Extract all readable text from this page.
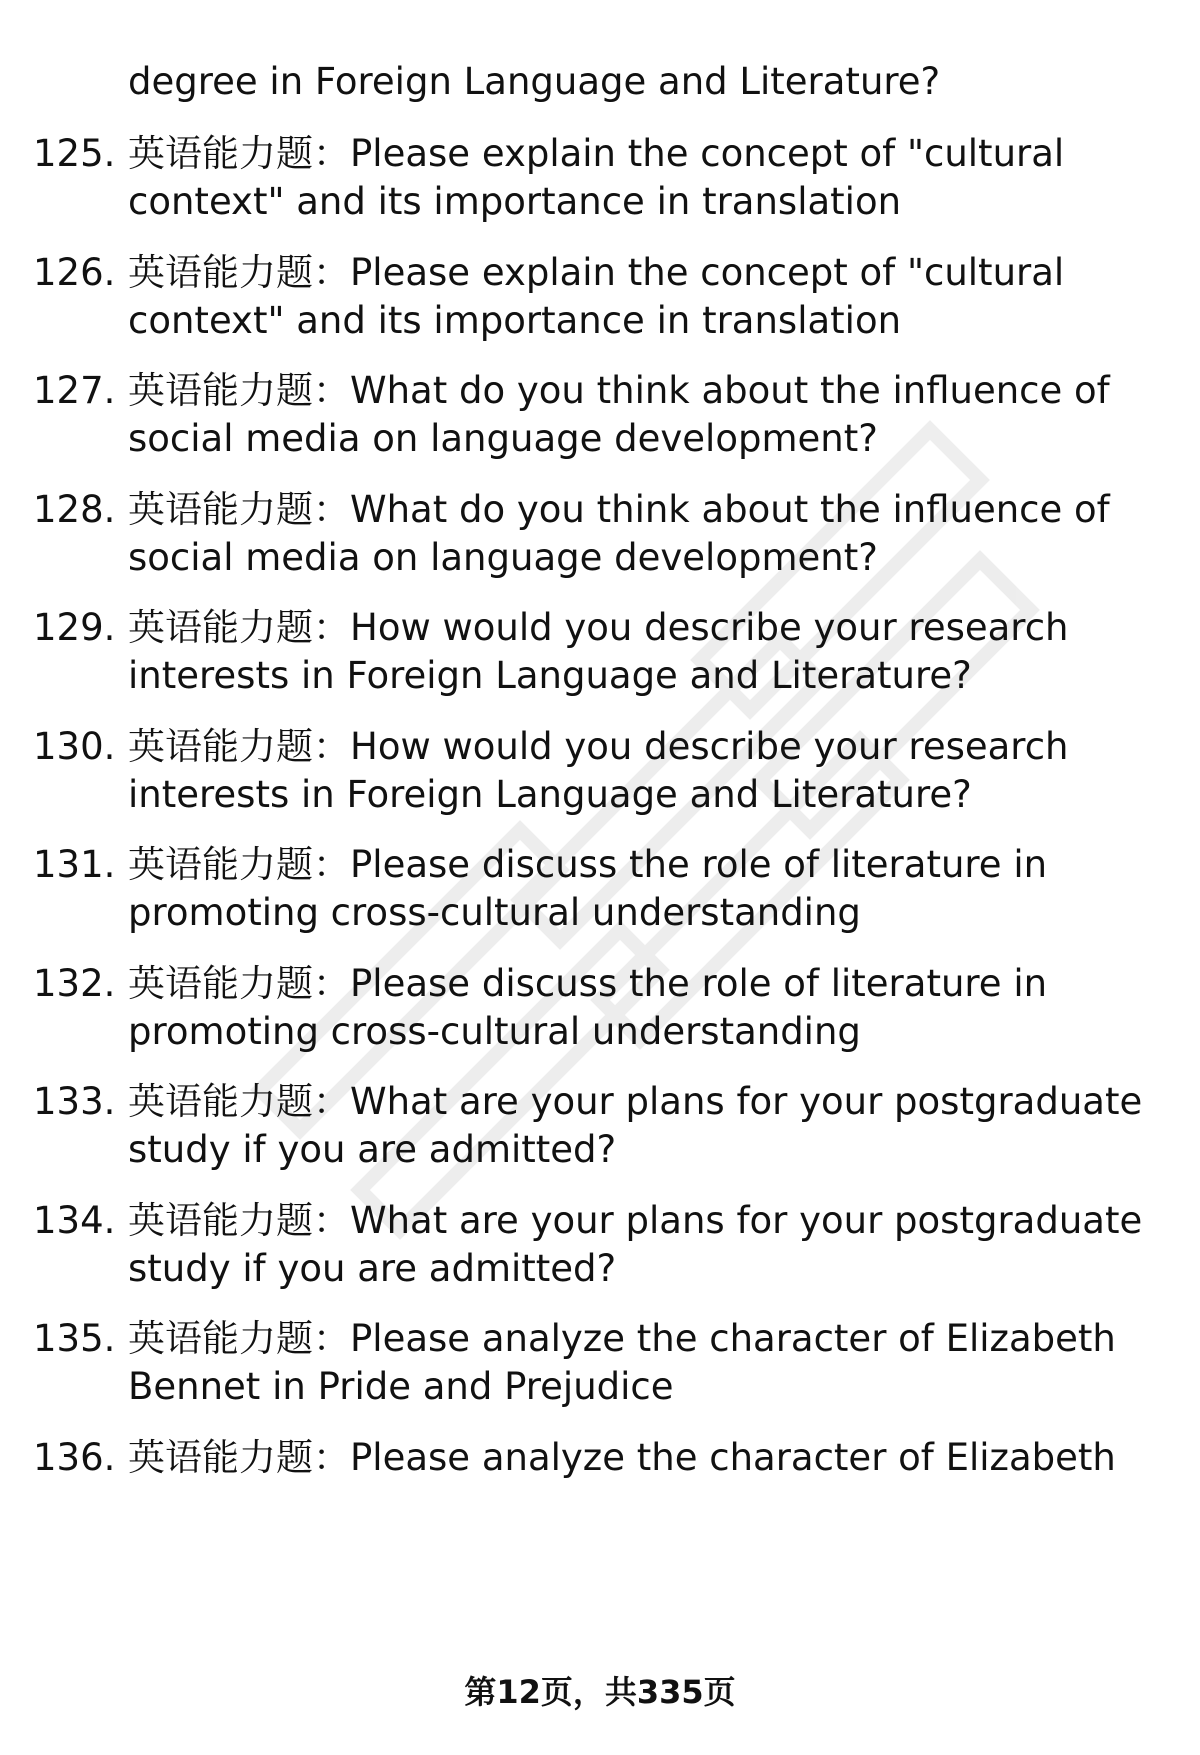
degree in Foreign Language and Literature?
125. 英语能力题：Please explain the concept of "cultural
context" and its importance in translation
126. 英语能力题：Please explain the concept of "cultural
context" and its importance in translation
127. 英语能力题：What do you think about the influence of
social media on language development?
128. 英语能力题：What do you think about the influence of
social media on language development?
129. 英语能力题：How would you describe your research
interests in Foreign Language and Literature?
130. 英语能力题：How would you describe your research
interests in Foreign Language and Literature?
131. 英语能力题：Please discuss the role of literature in
promoting cross-cultural understanding
132. 英语能力题：Please discuss the role of literature in
promoting cross-cultural understanding
133. 英语能力题：What are your plans for your postgraduate
study if you are admitted?
134. 英语能力题：What are your plans for your postgraduate
study if you are admitted?
135. 英语能力题：Please analyze the character of Elizabeth
Bennet in Pride and Prejudice
136. 英语能力题：Please analyze the character of Elizabeth
第12页，共335页
